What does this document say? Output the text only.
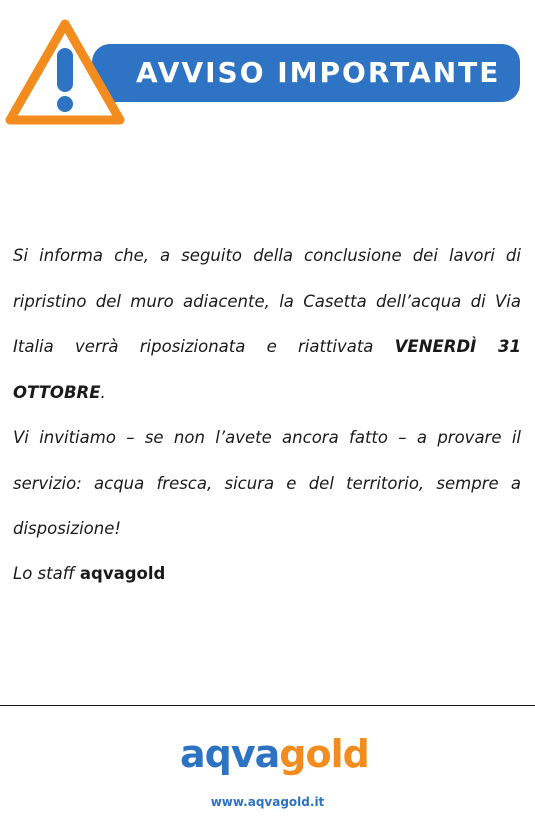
AVVISO IMPORTANTE

Si informa che, a seguito della conclusione dei lavori di ripristino del muro adiacente, la Casetta dell’acqua di Via Italia verrà riposizionata e riattivata VENERDÌ 31 OTTOBRE.

Vi invitiamo – se non l’avete ancora fatto – a provare il servizio: acqua fresca, sicura e del territorio, sempre a disposizione!

Lo staff aqvagold
aqvagold
www.aqvagold.it
